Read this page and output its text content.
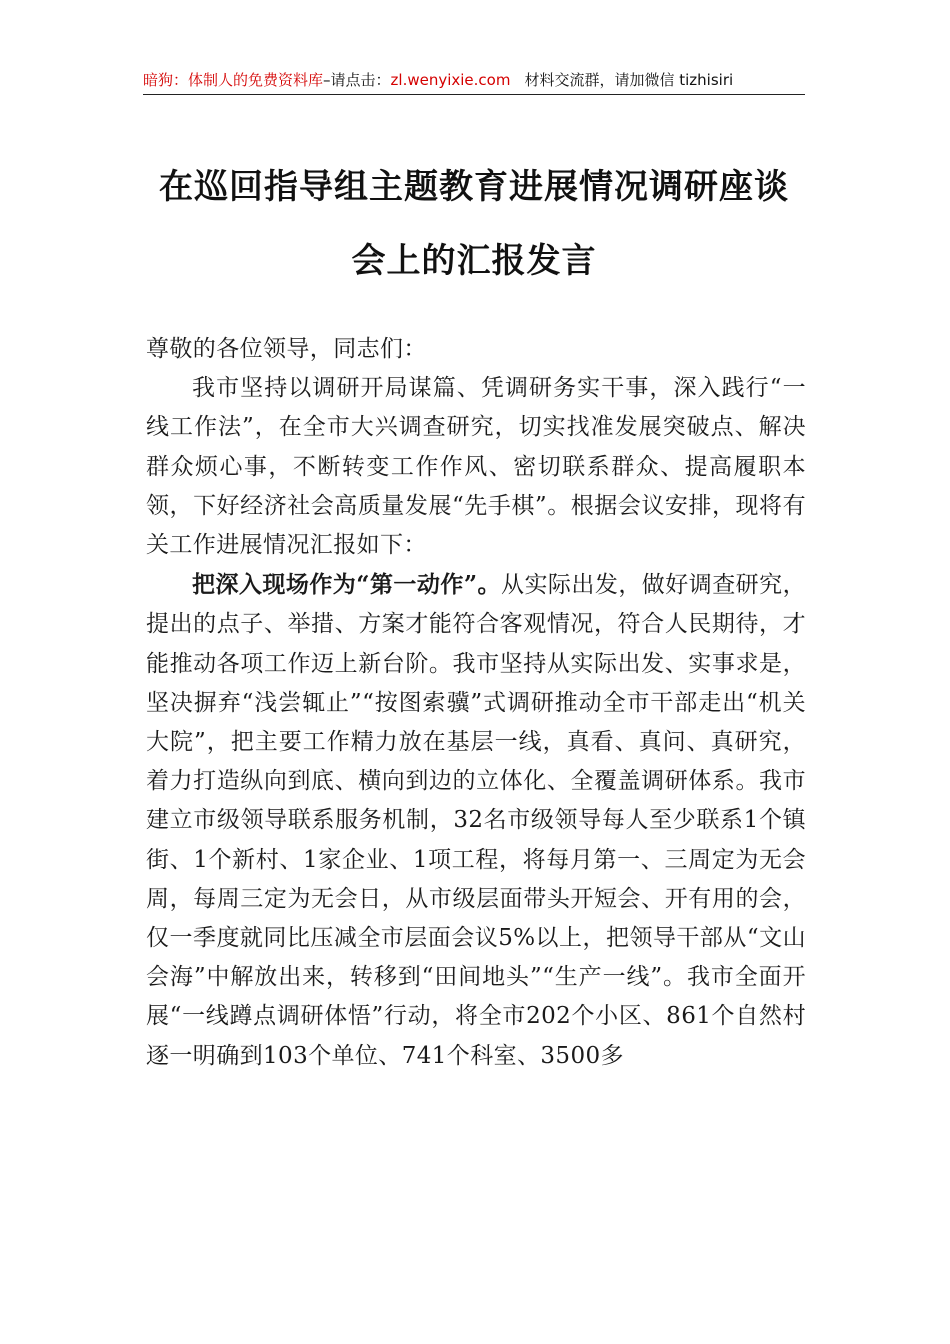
暗狗：体制人的免费资料库–请点击：zl.wenyixie.com 材料交流群，请加微信 tizhisiri
在巡回指导组主题教育进展情况调研座谈
会上的汇报发言

尊敬的各位领导，同志们：

我市坚持以调研开局谋篇、凭调研务实干事，深入践行“一线工作法”，在全市大兴调查研究，切实找准发展突破点、解决群众烦心事，不断转变工作作风、密切联系群众、提高履职本领，下好经济社会高质量发展“先手棋”。根据会议安排，现将有关工作进展情况汇报如下：

把深入现场作为“第一动作”。从实际出发，做好调查研究，提出的点子、举措、方案才能符合客观情况，符合人民期待，才能推动各项工作迈上新台阶。我市坚持从实际出发、实事求是，坚决摒弃“浅尝辄止”“按图索骥”式调研推动全市干部走出“机关大院”，把主要工作精力放在基层一线，真看、真问、真研究，着力打造纵向到底、横向到边的立体化、全覆盖调研体系。我市建立市级领导联系服务机制，32名市级领导每人至少联系1个镇街、1个新村、1家企业、1项工程，将每月第一、三周定为无会周，每周三定为无会日，从市级层面带头开短会、开有用的会，仅一季度就同比压减全市层面会议5%以上，把领导干部从“文山会海”中解放出来，转移到“田间地头”“生产一线”。我市全面开展“一线蹲点调研体悟”行动，将全市202个小区、861个自然村逐一明确到103个单位、741个科室、3500多
